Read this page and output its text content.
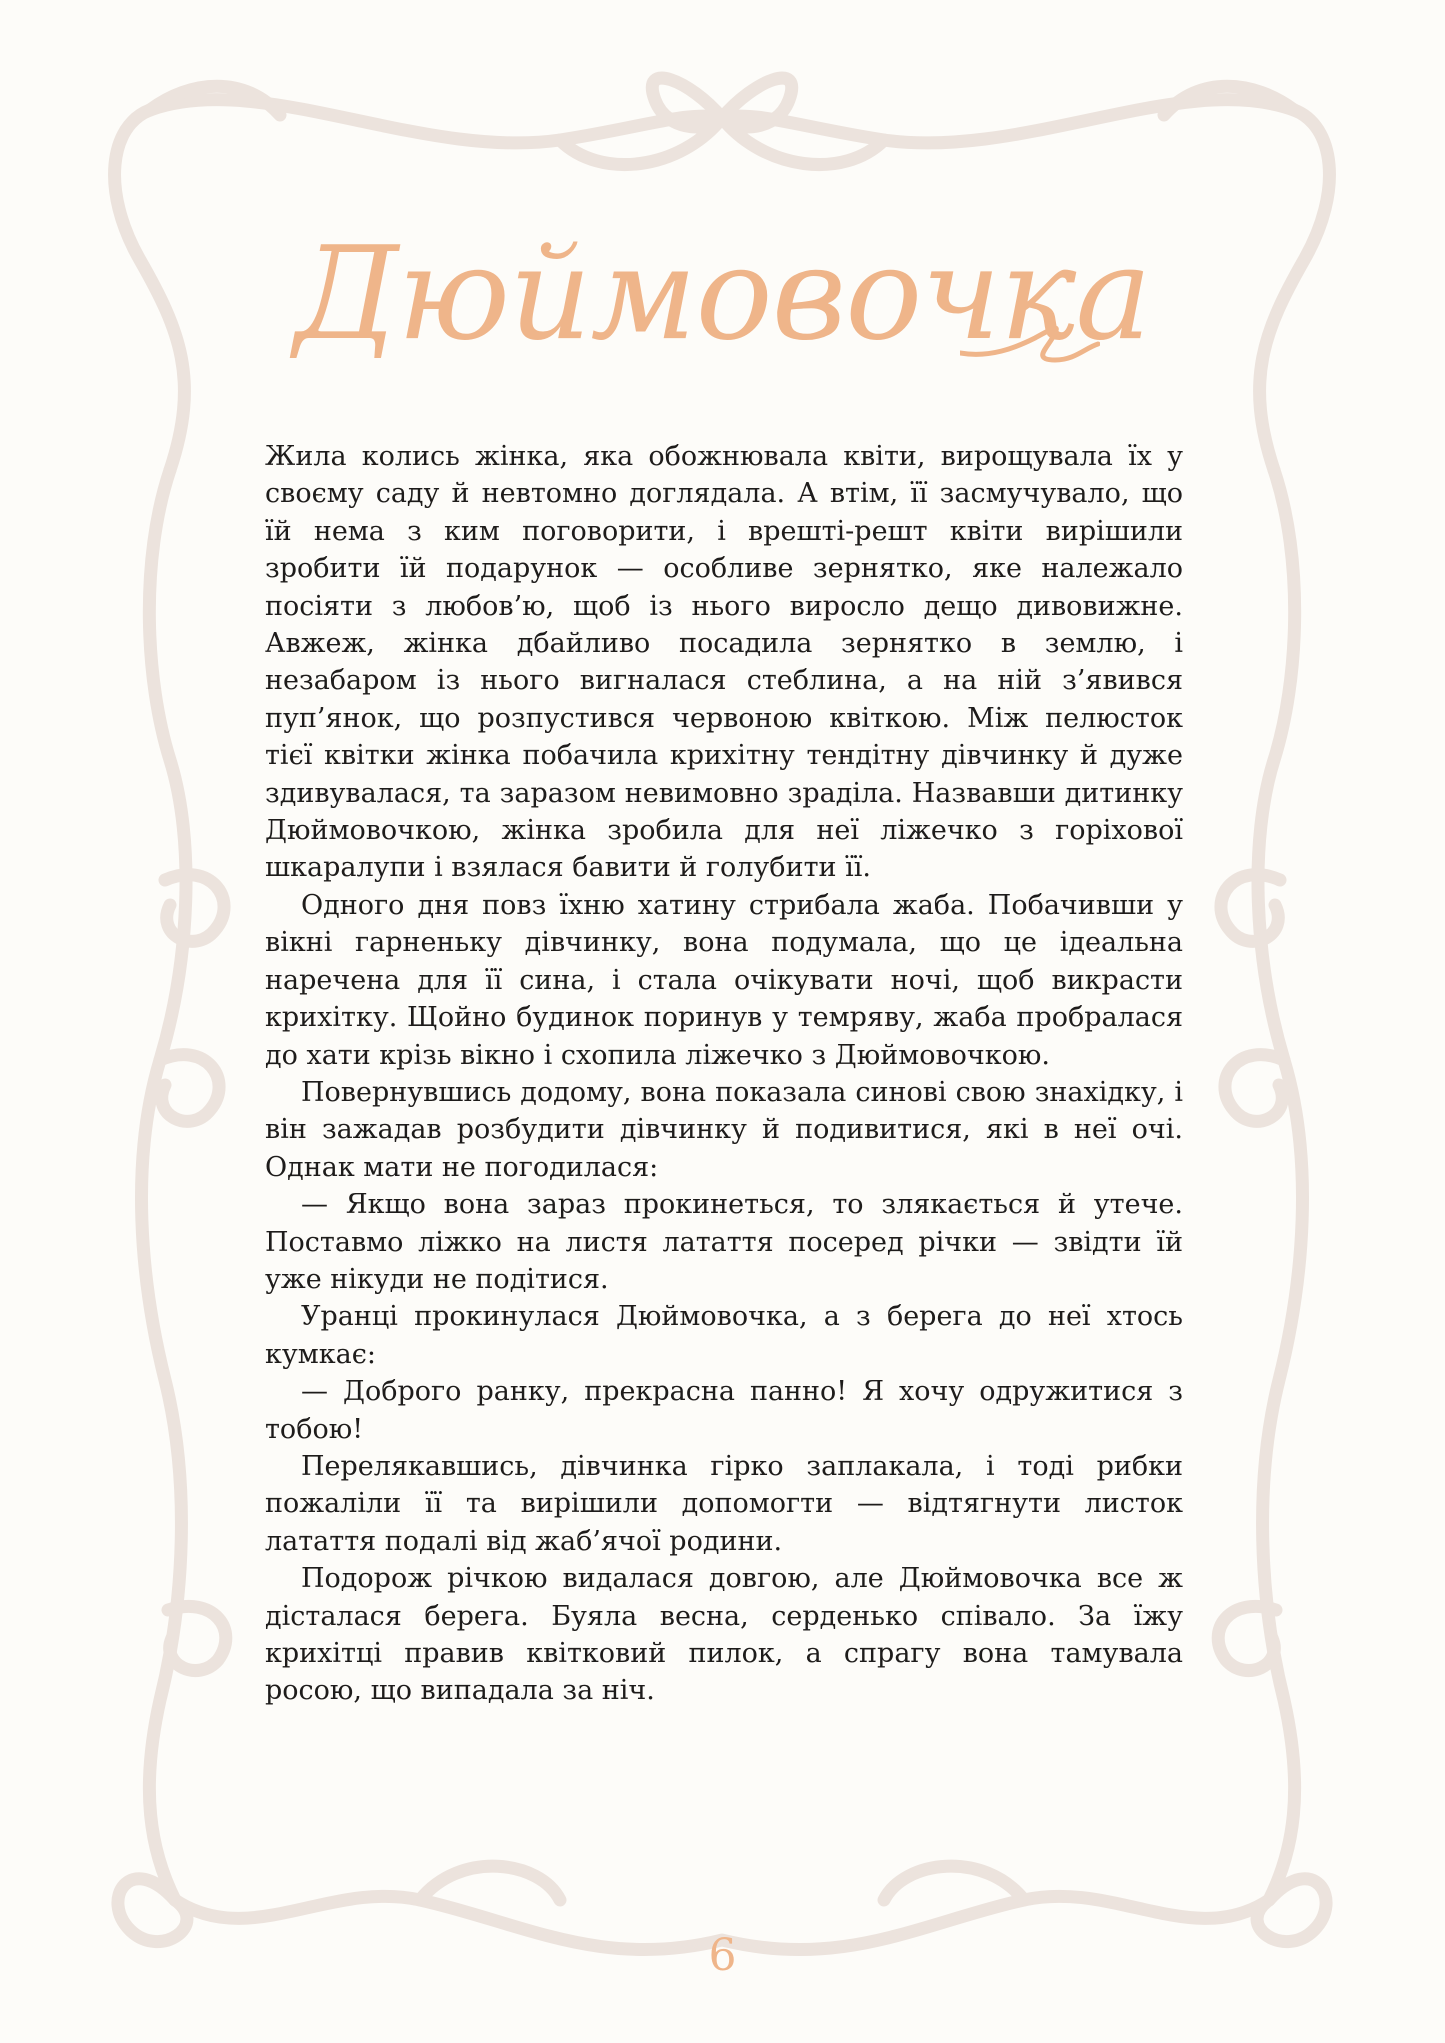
Дюймовочка

Жила колись жінка, яка обожнювала квіти, вирощувала їх у своєму саду й невтомно доглядала. А втім, її засмучувало, що їй нема з ким поговорити, і врешті-решт квіти вирішили зробити їй подарунок — особливе зернятко, яке належало посіяти з любов’ю, щоб із нього виросло дещо дивовижне. Авжеж, жінка дбайливо посадила зернятко в землю, і незабаром із нього вигналася стеблина, а на ній з’явився пуп’янок, що розпустився червоною квіткою. Між пелюсток тієї квітки жінка побачила крихітну тендітну дівчинку й дуже здивувалася, та заразом невимовно зраділа. Назвавши дитинку Дюймовочкою, жінка зробила для неї ліжечко з горіхової шкаралупи і взялася бавити й голубити її.

Одного дня повз їхню хатину стрибала жаба. Побачивши у вікні гарненьку дівчинку, вона подумала, що це ідеальна наречена для її сина, і стала очікувати ночі, щоб викрасти крихітку. Щойно будинок поринув у темряву, жаба пробралася до хати крізь вікно і схопила ліжечко з Дюймовочкою.

Повернувшись додому, вона показала синові свою знахідку, і він зажадав розбудити дівчинку й подивитися, які в неї очі. Однак мати не погодилася:

— Якщо вона зараз прокинеться, то злякається й утече. Поставмо ліжко на листя латаття посеред річки — звідти їй уже нікуди не подітися.

Уранці прокинулася Дюймовочка, а з берега до неї хтось кумкає:

— Доброго ранку, прекрасна панно! Я хочу одружитися з тобою!

Перелякавшись, дівчинка гірко заплакала, і тоді рибки пожаліли її та вирішили допомогти — відтягнути листок латаття подалі від жаб’ячої родини.

Подорож річкою видалася довгою, але Дюймовочка все ж дісталася берега. Буяла весна, серденько співало. За їжу крихітці правив квітковий пилок, а спрагу вона тамувала росою, що випадала за ніч.

6
